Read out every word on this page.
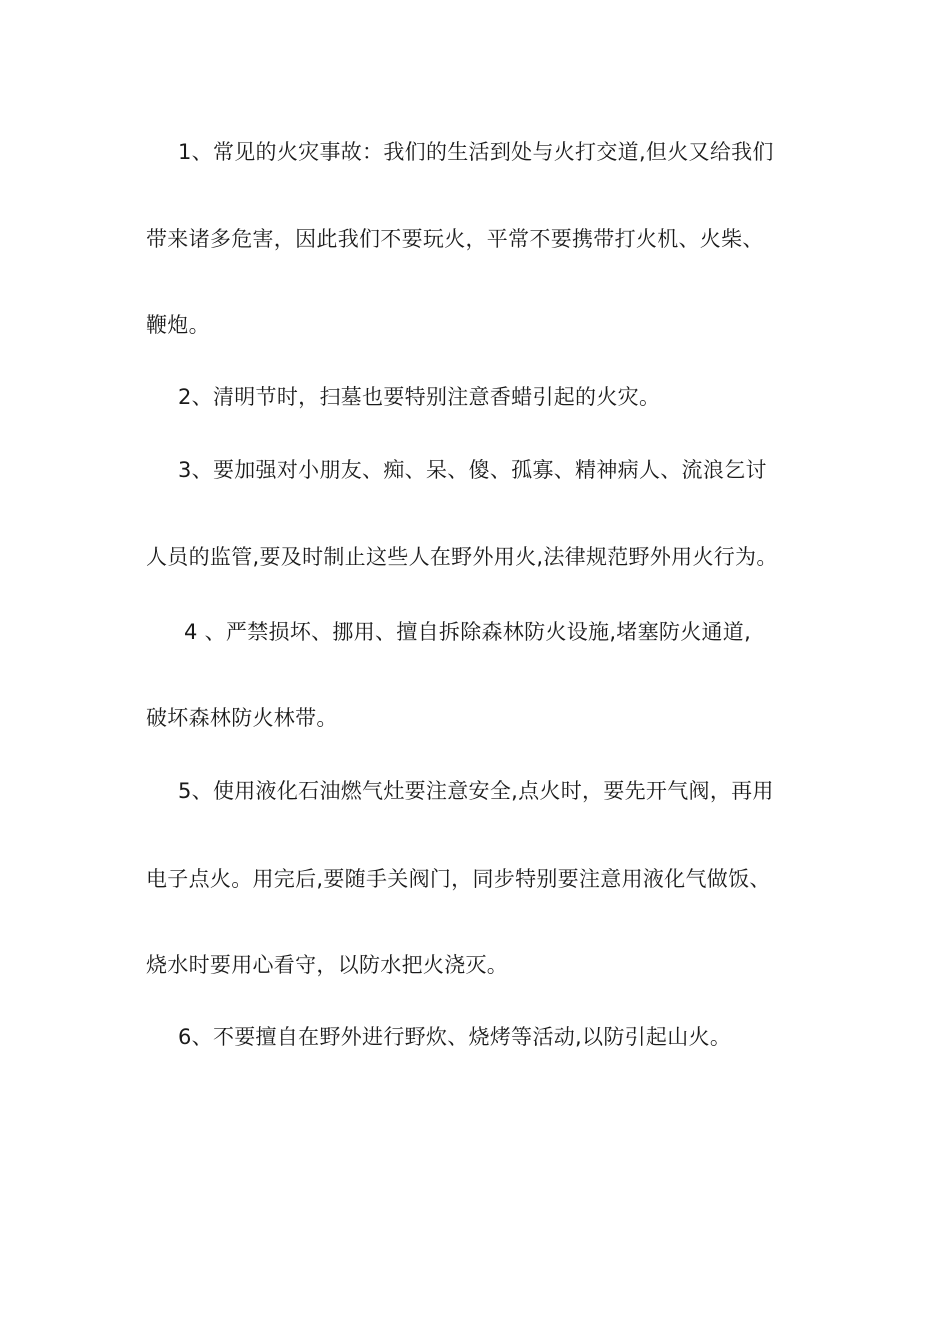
1、常见的火灾事故：我们的生活到处与火打交道,但火又给我们
带来诸多危害，因此我们不要玩火，平常不要携带打火机、火柴、
鞭炮。
2、清明节时，扫墓也要特别注意香蜡引起的火灾。
3、要加强对小朋友、痴、呆、傻、孤寡、精神病人、流浪乞讨
人员的监管,要及时制止这些人在野外用火,法律规范野外用火行为。
4 、严禁损坏、挪用、擅自拆除森林防火设施,堵塞防火通道,
破坏森林防火林带。
5、使用液化石油燃气灶要注意安全,点火时，要先开气阀，再用
电子点火。用完后,要随手关阀门，同步特别要注意用液化气做饭、
烧水时要用心看守，以防水把火浇灭。
6、不要擅自在野外进行野炊、烧烤等活动,以防引起山火。
